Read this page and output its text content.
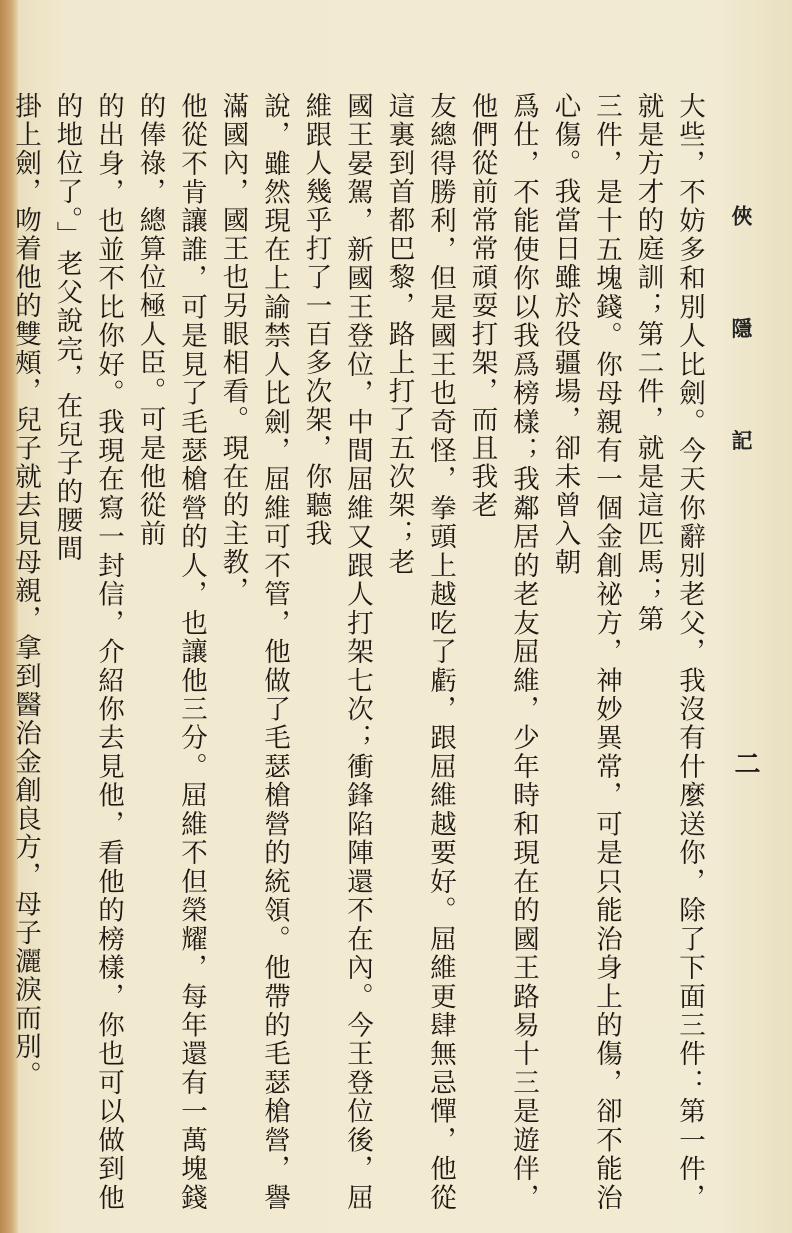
俠 隱 記
二

大些，不妨多和別人比劍。今天你辭別老父，我沒有什麼送你，除了下面三件：第一件，就是方才的庭訓；第二件，就是這匹馬；第

三件，是十五塊錢。你母親有一個金創祕方，神妙異常，可是只能治身上的傷，卻不能治心傷。我當日雖於役疆場，卻未曾入朝

爲仕，不能使你以我爲榜樣；我鄰居的老友屈維，少年時和現在的國王路易十三是遊伴，他們從前常常頑耍打架，而且我老

友總得勝利，但是國王也奇怪，拳頭上越吃了虧，跟屈維越要好。屈維更肆無忌憚，他從這裏到首都巴黎，路上打了五次架；老

國王晏駕，新國王登位，中間屈維又跟人打架七次；衝鋒陷陣還不在內。今王登位後，屈維跟人幾乎打了一百多次架，你聽我

說，雖然現在上諭禁人比劍，屈維可不管，他做了毛瑟槍營的統領。他帶的毛瑟槍營，譽滿國內，國王也另眼相看。現在的主教，

他從不肯讓誰，可是見了毛瑟槍營的人，也讓他三分。屈維不但榮耀，每年還有一萬塊錢的俸祿，總算位極人臣。可是他從前

的出身，也並不比你好。我現在寫一封信，介紹你去見他，看他的榜樣，你也可以做到他的地位了。」老父說完，在兒子的腰間

掛上劍，吻着他的雙頰，兒子就去見母親，拿到醫治金創良方，母子灑淚而別。
